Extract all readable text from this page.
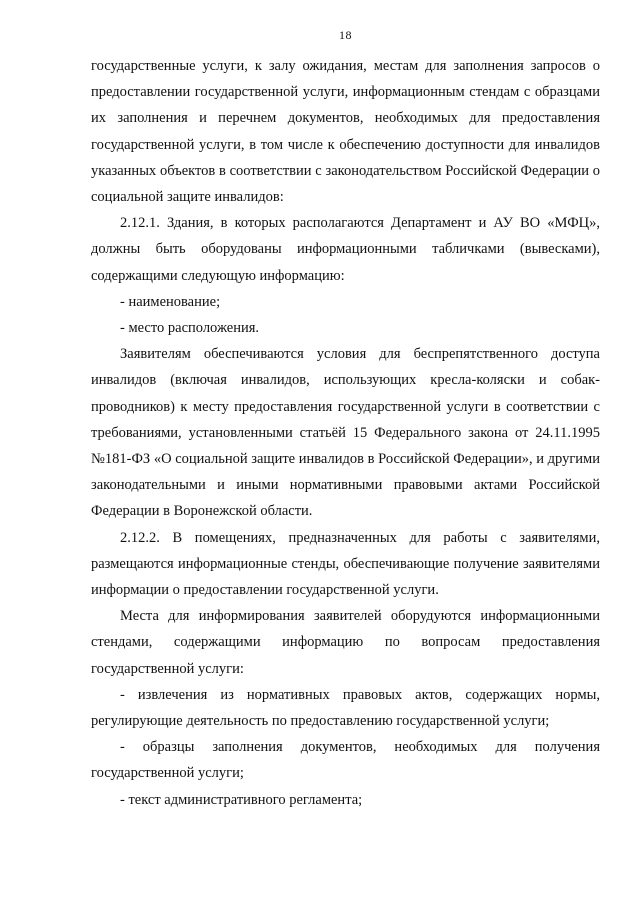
18

государственные услуги, к залу ожидания, местам для заполнения запросов о предоставлении государственной услуги, информационным стендам с образцами их заполнения и перечнем документов, необходимых для предоставления государственной услуги, в том числе к обеспечению доступности для инвалидов указанных объектов в соответствии с законодательством Российской Федерации о социальной защите инвалидов:

2.12.1. Здания, в которых располагаются Департамент и АУ ВО «МФЦ», должны быть оборудованы информационными табличками (вывесками), содержащими следующую информацию:

- наименование;

- место расположения.

Заявителям обеспечиваются условия для беспрепятственного доступа инвалидов (включая инвалидов, использующих кресла-коляски и собак-проводников) к месту предоставления государственной услуги в соответствии с требованиями, установленными статьёй 15 Федерального закона от 24.11.1995 №181-ФЗ «О социальной защите инвалидов в Российской Федерации», и другими законодательными и иными нормативными правовыми актами Российской Федерации в Воронежской области.

2.12.2. В помещениях, предназначенных для работы с заявителями, размещаются информационные стенды, обеспечивающие получение заявителями информации о предоставлении государственной услуги.

Места для информирования заявителей оборудуются информационными стендами, содержащими информацию по вопросам предоставления государственной услуги:

- извлечения из нормативных правовых актов, содержащих нормы, регулирующие деятельность по предоставлению государственной услуги;

- образцы заполнения документов, необходимых для получения государственной услуги;

- текст административного регламента;
